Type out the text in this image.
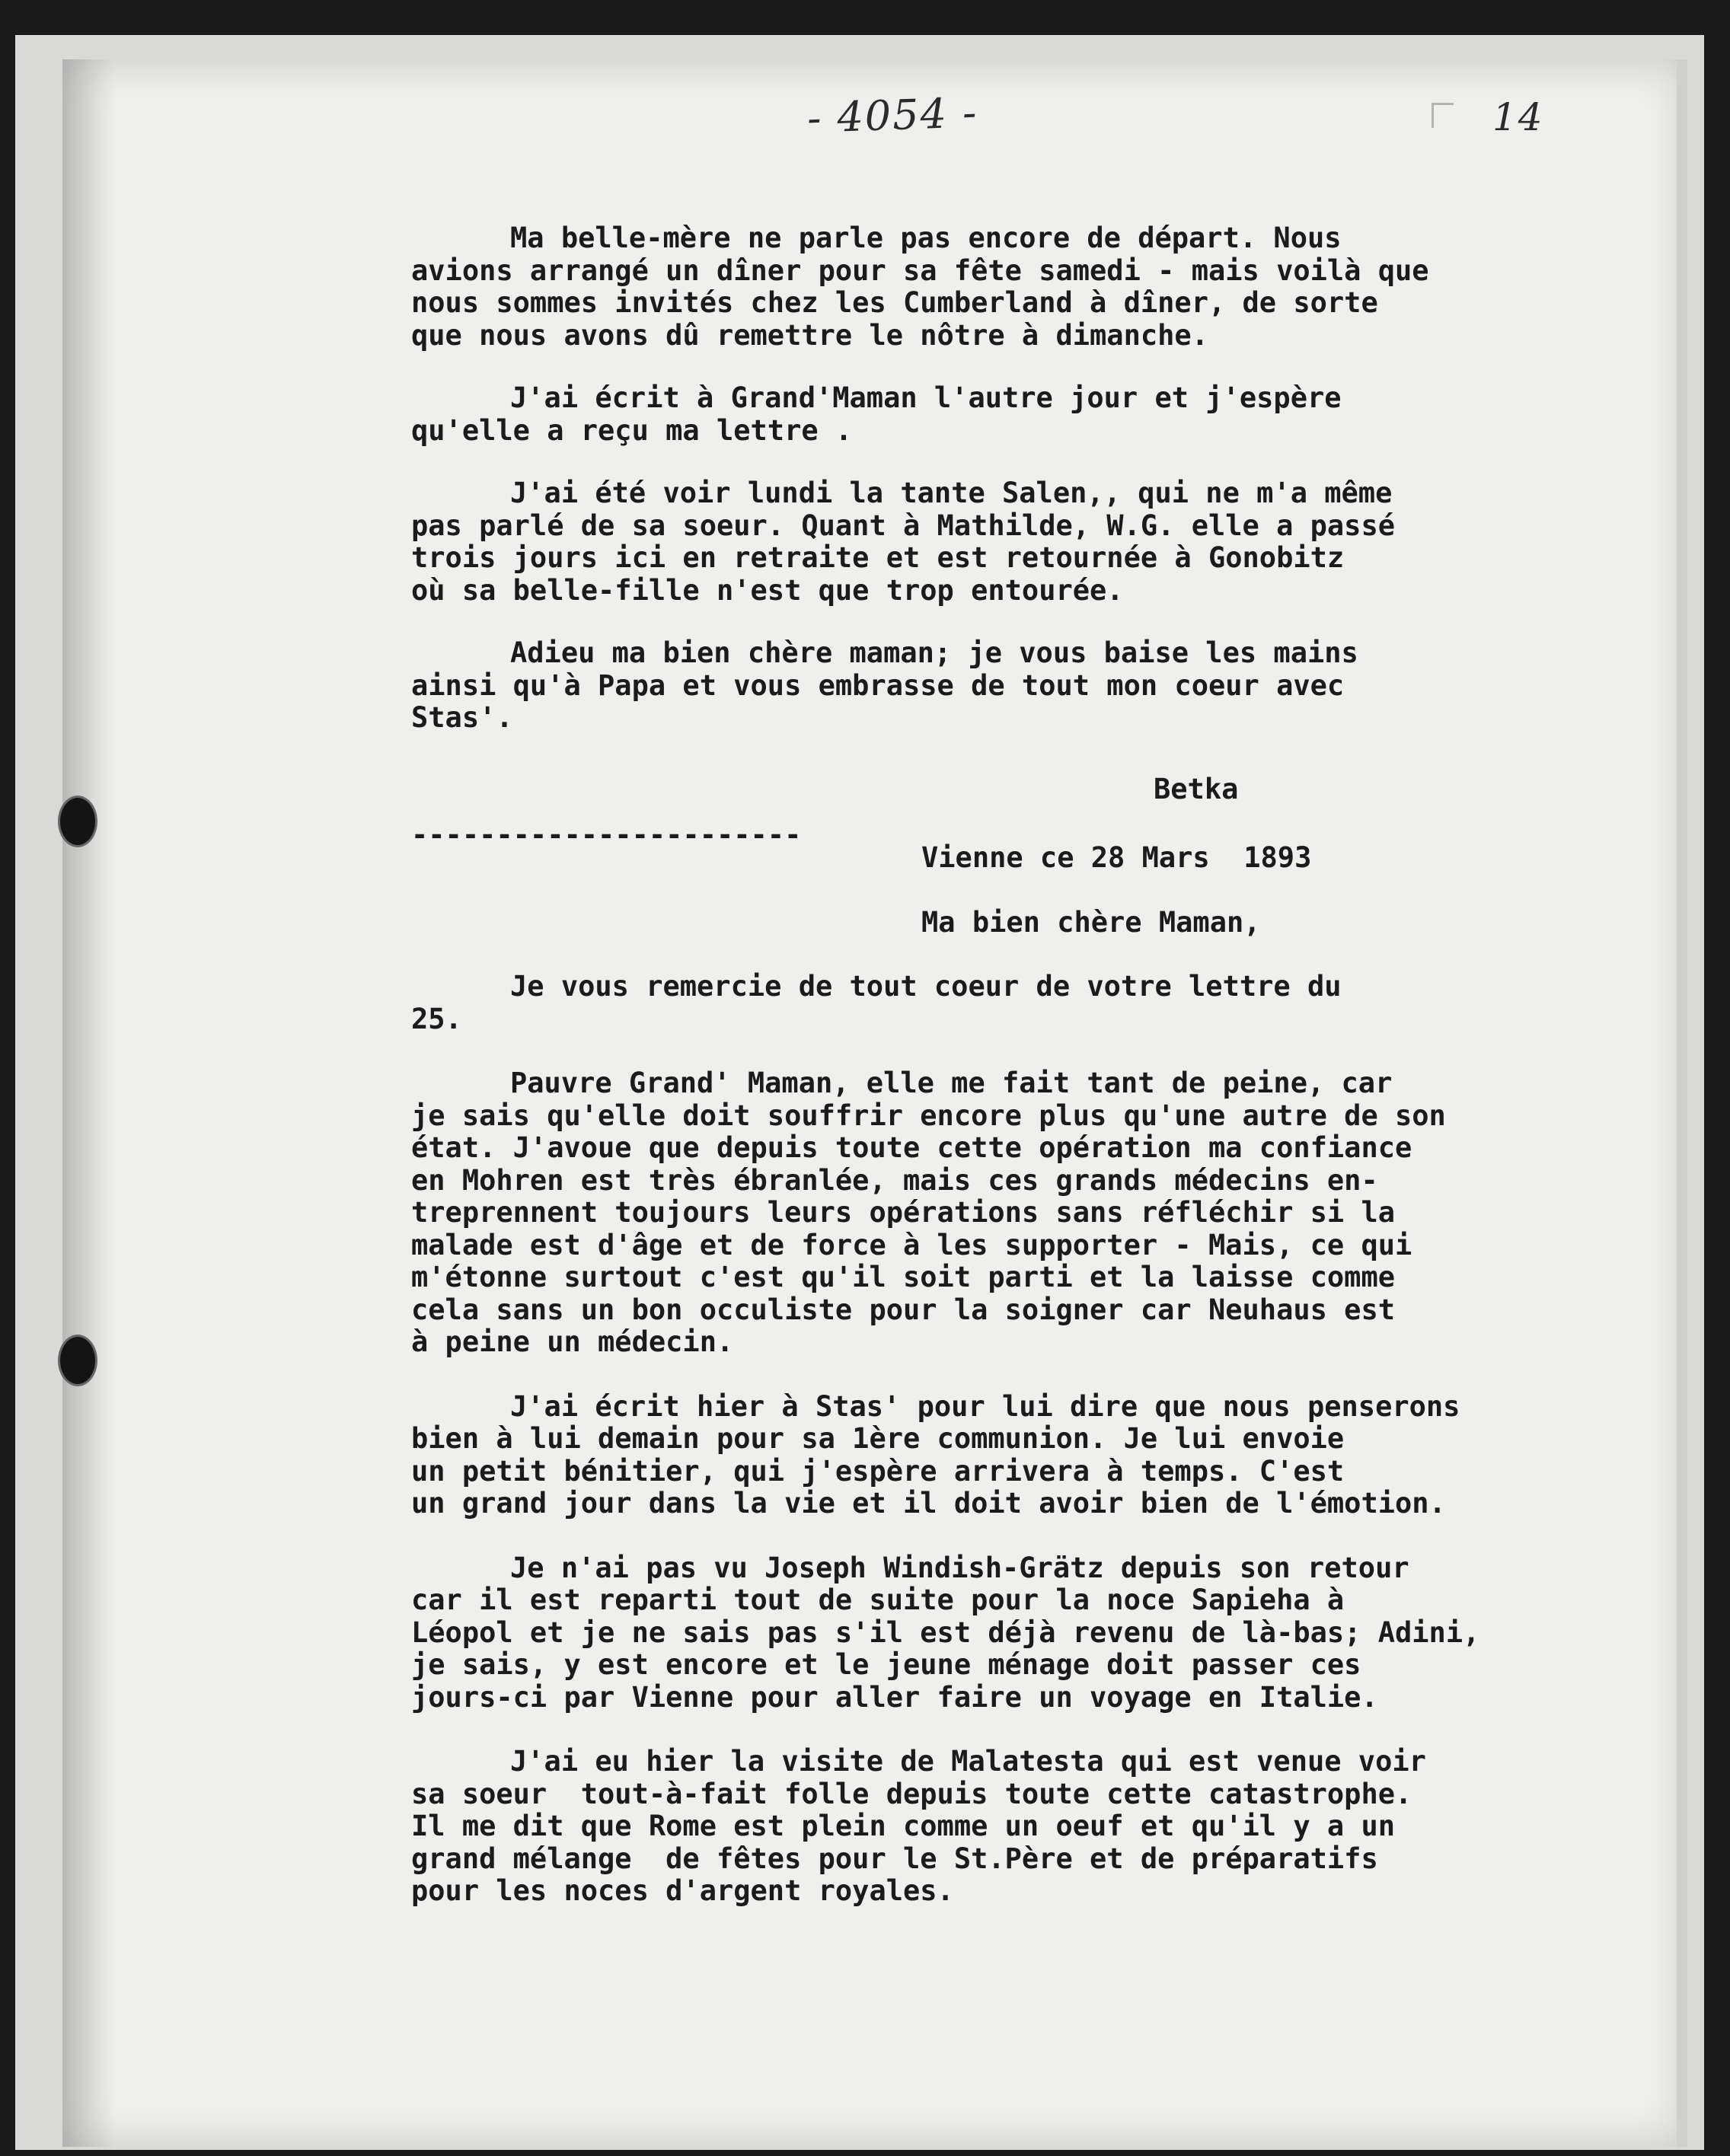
- 4054 -	14
Ma belle-mère ne parle pas encore de départ. Nous
avions arrangé un dîner pour sa fête samedi - mais voilà que
nous sommes invités chez les Cumberland à dîner, de sorte
que nous avons dû remettre le nôtre à dimanche.
J'ai écrit à Grand'Maman l'autre jour et j'espère
qu'elle a reçu ma lettre .
J'ai été voir lundi la tante Salen,, qui ne m'a même
pas parlé de sa soeur. Quant à Mathilde, W.G. elle a passé
trois jours ici en retraite et est retournée à Gonobitz
où sa belle-fille n'est que trop entourée.
Adieu ma bien chère maman; je vous baise les mains
ainsi qu'à Papa et vous embrasse de tout mon coeur avec
Stas'.
Betka
-----------------------
Vienne ce 28 Mars  1893
Ma bien chère Maman,
Je vous remercie de tout coeur de votre lettre du
25.
Pauvre Grand' Maman, elle me fait tant de peine, car
je sais qu'elle doit souffrir encore plus qu'une autre de son
état. J'avoue que depuis toute cette opération ma confiance
en Mohren est très ébranlée, mais ces grands médecins en-
treprennent toujours leurs opérations sans réfléchir si la
malade est d'âge et de force à les supporter - Mais, ce qui
m'étonne surtout c'est qu'il soit parti et la laisse comme
cela sans un bon occuliste pour la soigner car Neuhaus est
à peine un médecin.
J'ai écrit hier à Stas' pour lui dire que nous penserons
bien à lui demain pour sa 1ère communion. Je lui envoie
un petit bénitier, qui j'espère arrivera à temps. C'est
un grand jour dans la vie et il doit avoir bien de l'émotion.
Je n'ai pas vu Joseph Windish-Grätz depuis son retour
car il est reparti tout de suite pour la noce Sapieha à
Léopol et je ne sais pas s'il est déjà revenu de là-bas; Adini,
je sais, y est encore et le jeune ménage doit passer ces
jours-ci par Vienne pour aller faire un voyage en Italie.
J'ai eu hier la visite de Malatesta qui est venue voir
sa soeur  tout-à-fait folle depuis toute cette catastrophe.
Il me dit que Rome est plein comme un oeuf et qu'il y a un
grand mélange  de fêtes pour le St.Père et de préparatifs
pour les noces d'argent royales.
